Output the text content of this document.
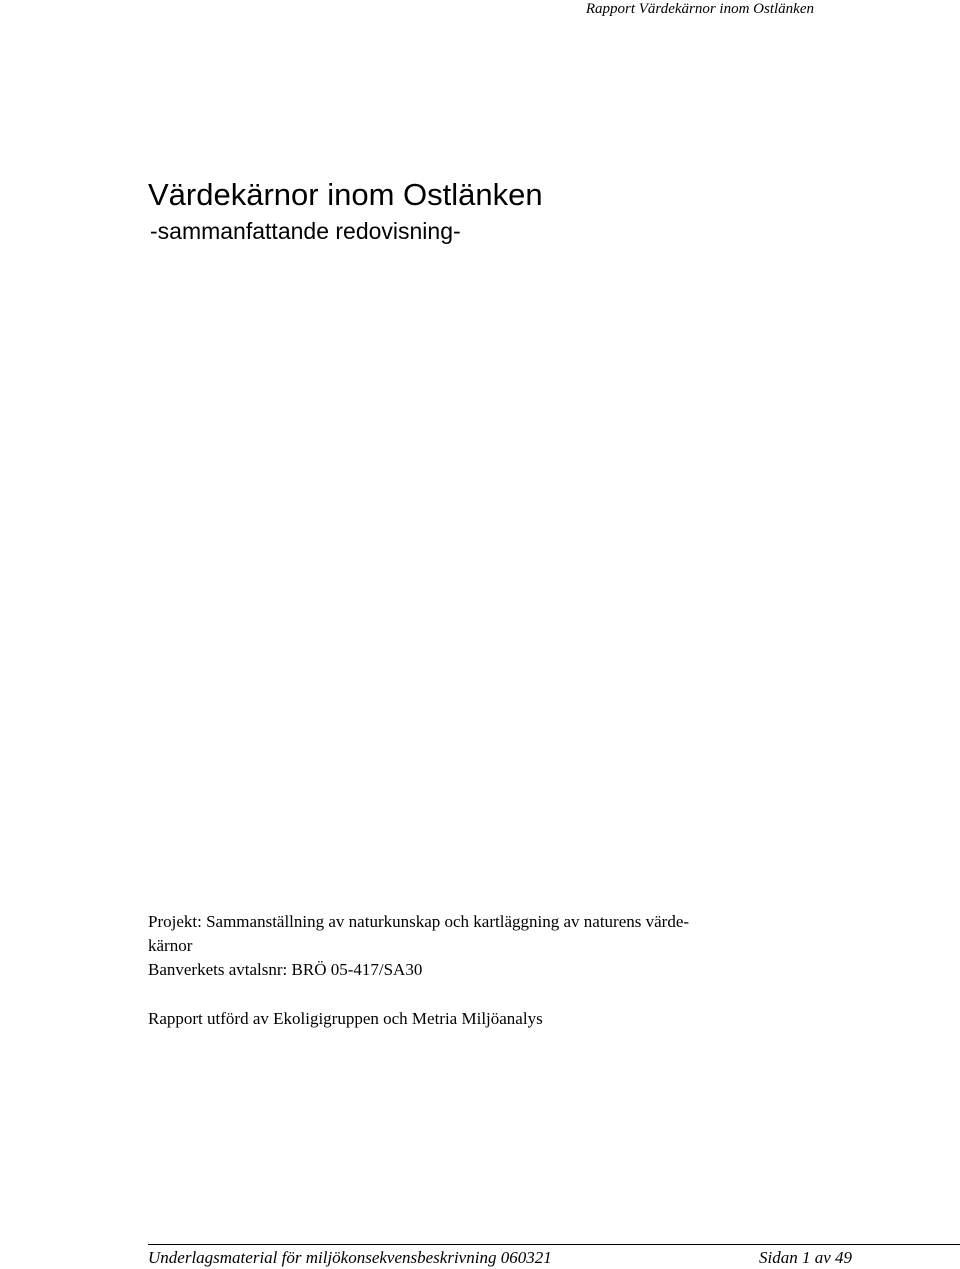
Rapport Värdekärnor inom Ostlänken
Värdekärnor inom Ostlänken
-sammanfattande redovisning-

Projekt: Sammanställning av naturkunskap och kartläggning av naturens värde-

kärnor

Banverkets avtalsnr: BRÖ 05-417/SA30

Rapport utförd av Ekoligigruppen och Metria Miljöanalys

Underlagsmaterial för miljökonsekvensbeskrivning 060321	Sidan 1 av 49
